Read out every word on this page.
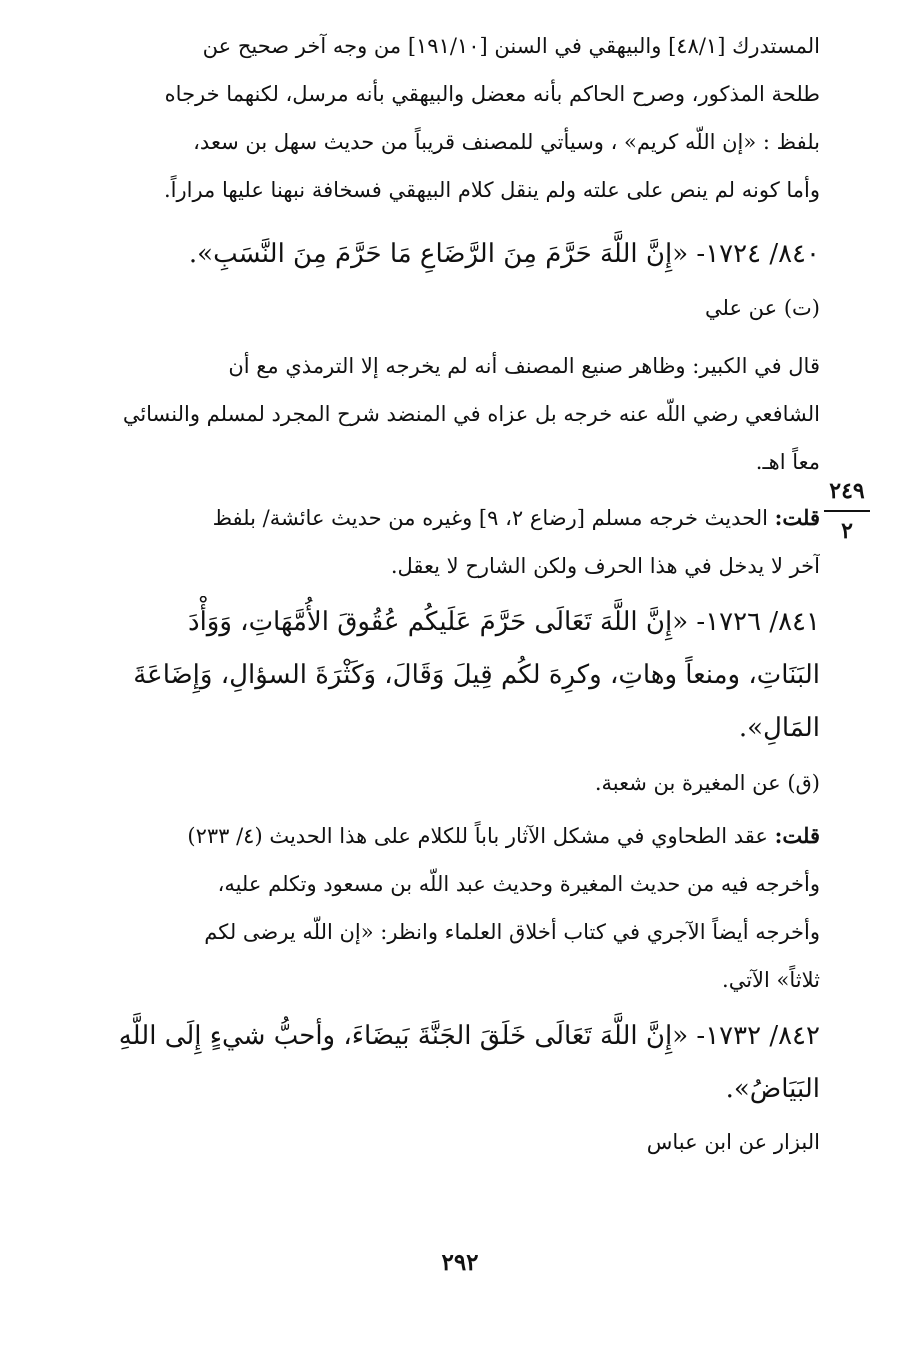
المستدرك [٤٨/١] والبيهقي في السنن [١٩١/١٠] من وجه آخر صحيح عن
طلحة المذكور، وصرح الحاكم بأنه معضل والبيهقي بأنه مرسل، لكنهما خرجاه
بلفظ : «إن اللّه كريم» ، وسيأتي للمصنف قريباً من حديث سهل بن سعد،
وأما كونه لم ينص على علته ولم ينقل كلام البيهقي فسخافة نبهنا عليها مراراً.
٨٤٠/ ١٧٢٤- «إِنَّ اللَّهَ حَرَّمَ مِنَ الرَّضَاعِ مَا حَرَّمَ مِنَ النَّسَبِ».
(ت) عن علي
قال في الكبير: وظاهر صنيع المصنف أنه لم يخرجه إلا الترمذي مع أن
الشافعي رضي اللّه عنه خرجه بل عزاه في المنضد شرح المجرد لمسلم والنسائي
معاً اهـ.
قلت: الحديث خرجه مسلم [رضاع ٢، ٩] وغيره من حديث عائشة/ بلفظ
آخر لا يدخل في هذا الحرف ولكن الشارح لا يعقل.
٢٤٩
٢
٨٤١/ ١٧٢٦- «إِنَّ اللَّهَ تَعَالَى حَرَّمَ عَلَيكُم عُقُوقَ الأُمَّهَاتِ، وَوَأْدَ
البَنَاتِ، ومنعاً وهاتِ، وكرِهَ لكُم قِيلَ وَقَالَ، وَكَثْرَةَ السؤالِ، وَإِضَاعَةَ
المَالِ».
(ق) عن المغيرة بن شعبة.
قلت: عقد الطحاوي في مشكل الآثار باباً للكلام على هذا الحديث (٤/ ٢٣٣)
وأخرجه فيه من حديث المغيرة وحديث عبد اللّه بن مسعود وتكلم عليه،
وأخرجه أيضاً الآجري في كتاب أخلاق العلماء وانظر: «إن اللّه يرضى لكم
ثلاثاً» الآتي.
٨٤٢/ ١٧٣٢- «إِنَّ اللَّهَ تَعَالَى خَلَقَ الجَنَّةَ بَيضَاءَ، وأحبُّ شيءٍ إِلَى اللَّهِ
البَيَاضُ».
البزار عن ابن عباس
٢٩٢
